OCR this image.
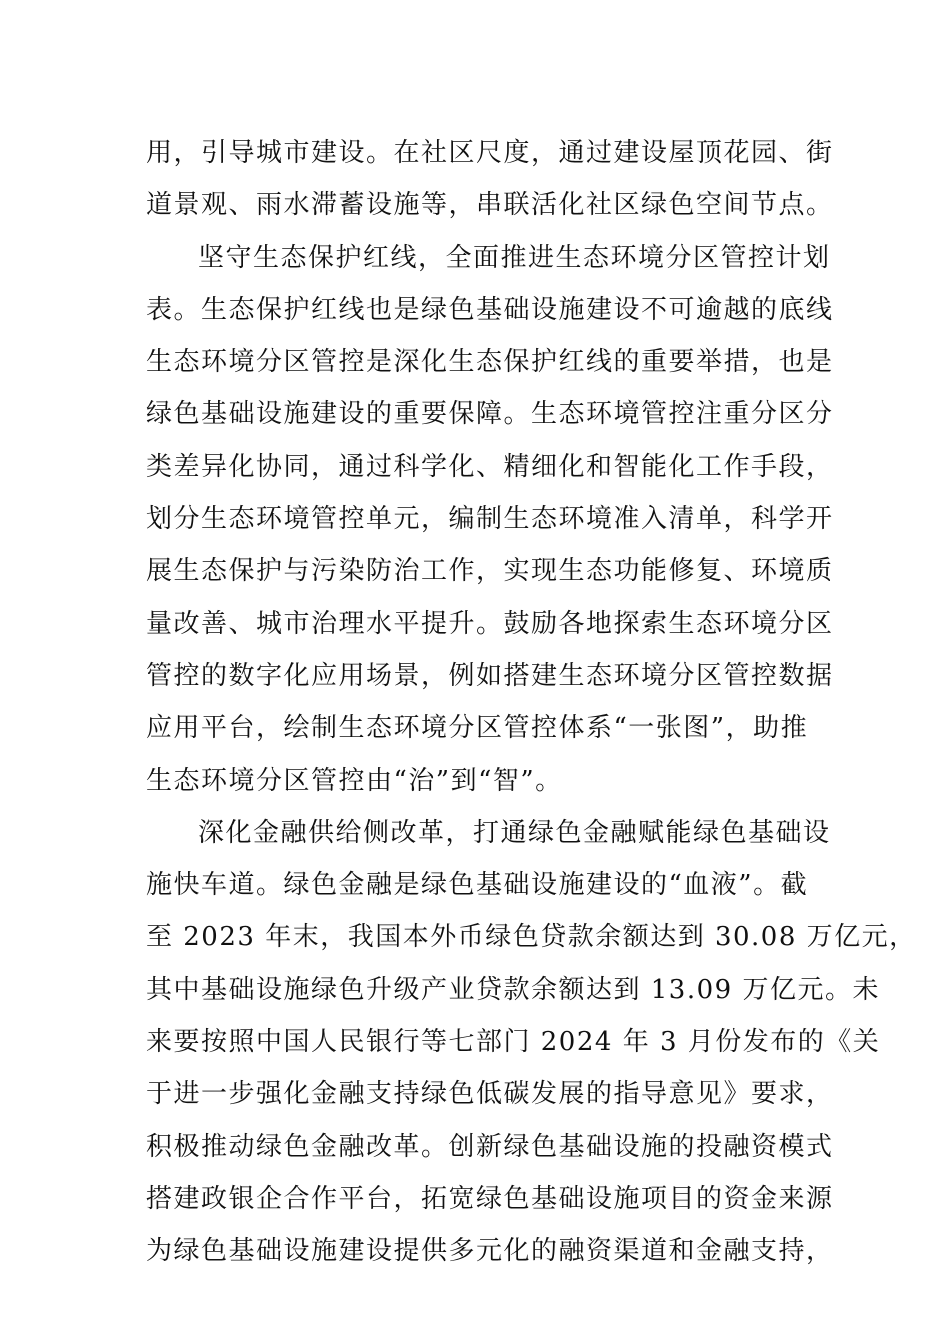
用，引导城市建设。在社区尺度，通过建设屋顶花园、街
道景观、雨水滞蓄设施等，串联活化社区绿色空间节点。
坚守生态保护红线，全面推进生态环境分区管控计划
表。生态保护红线也是绿色基础设施建设不可逾越的底线
生态环境分区管控是深化生态保护红线的重要举措，也是
绿色基础设施建设的重要保障。生态环境管控注重分区分
类差异化协同，通过科学化、精细化和智能化工作手段，
划分生态环境管控单元，编制生态环境准入清单，科学开
展生态保护与污染防治工作，实现生态功能修复、环境质
量改善、城市治理水平提升。鼓励各地探索生态环境分区
管控的数字化应用场景，例如搭建生态环境分区管控数据
应用平台，绘制生态环境分区管控体系“一张图”，助推
生态环境分区管控由“治”到“智”。
深化金融供给侧改革，打通绿色金融赋能绿色基础设
施快车道。绿色金融是绿色基础设施建设的“血液”。截
至 2023 年末，我国本外币绿色贷款余额达到 30.08 万亿元，
其中基础设施绿色升级产业贷款余额达到 13.09 万亿元。未
来要按照中国人民银行等七部门 2024 年 3 月份发布的《关
于进一步强化金融支持绿色低碳发展的指导意见》要求，
积极推动绿色金融改革。创新绿色基础设施的投融资模式
搭建政银企合作平台，拓宽绿色基础设施项目的资金来源
为绿色基础设施建设提供多元化的融资渠道和金融支持，
